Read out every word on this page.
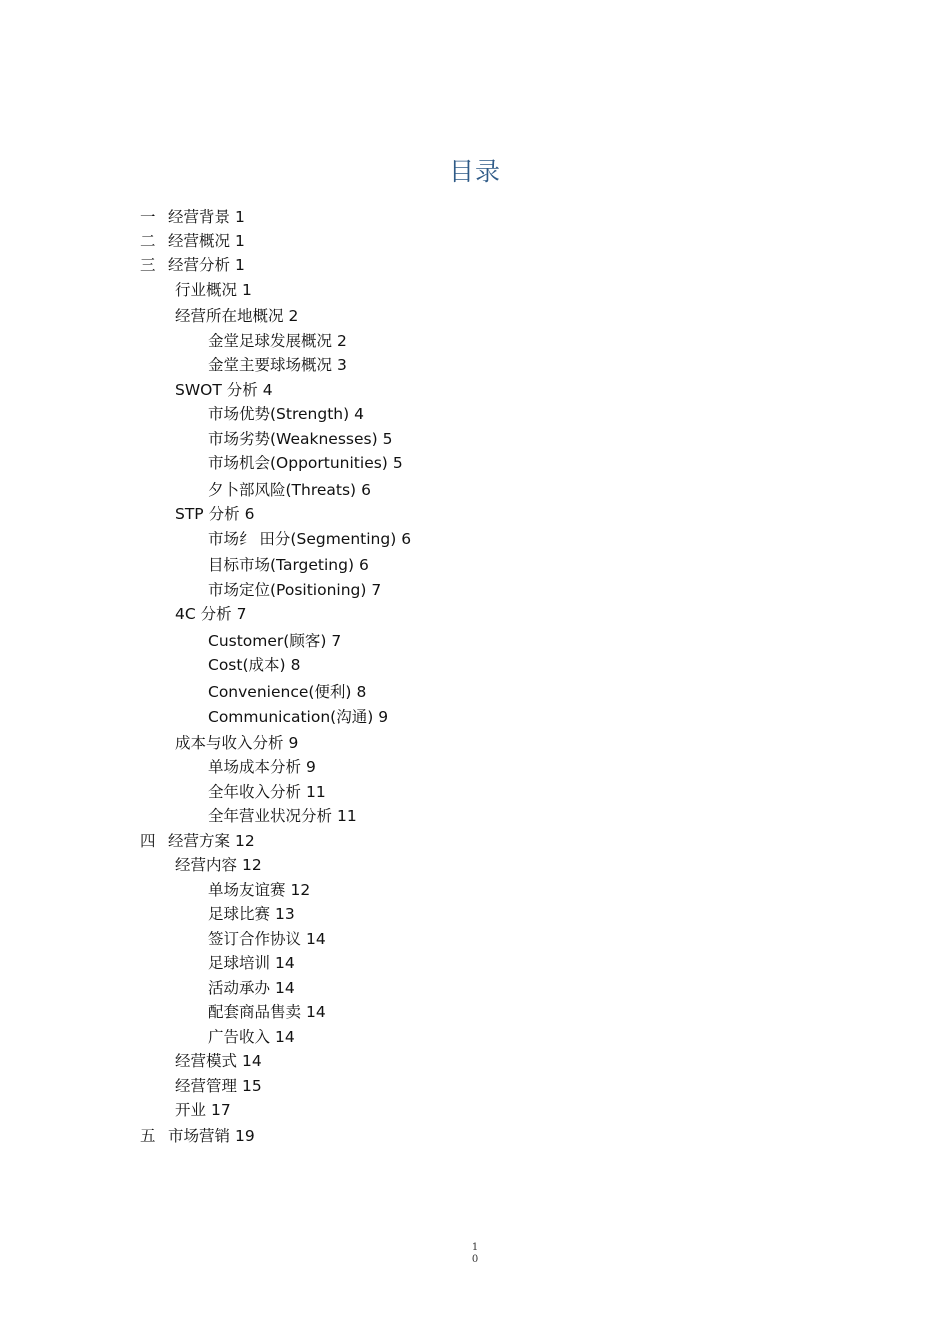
目录
一 经营背景 1
二 经营概况 1
三 经营分析 1
行业概况 1
经营所在地概况 2
金堂足球发展概况 2
金堂主要球场概况 3
SWOT 分析 4
市场优势(Strength) 4
市场劣势(Weaknesses) 5
市场机会(Opportunities) 5
夕卜部风险(Threats) 6
STP 分析 6
市场纟 田分(Segmenting) 6
目标市场(Targeting) 6
市场定位(Positioning) 7
4C 分析 7
Customer(顾客) 7
Cost(成本) 8
Convenience(便利) 8
Communication(沟通) 9
成本与收入分析 9
单场成本分析 9
全年收入分析 11
全年营业状况分析 11
四 经营方案 12
经营内容 12
单场友谊赛 12
足球比赛 13
签订合作协议 14
足球培训 14
活动承办 14
配套商品售卖 14
广告收入 14
经营模式 14
经营管理 15
开业 17
五 市场营销 19
1
0
